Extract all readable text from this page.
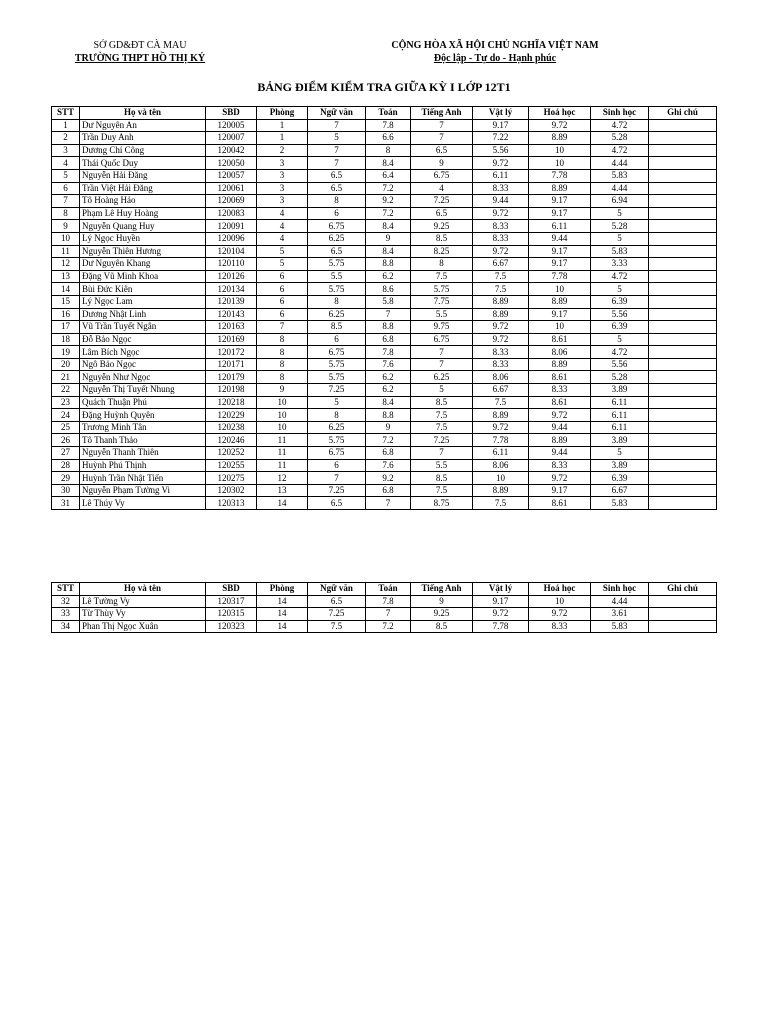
SỞ GD&ĐT CÀ MAU
TRƯỜNG THPT HỒ THỊ KỶ
CỘNG HÒA XÃ HỘI CHỦ NGHĨA VIỆT NAM
Độc lập - Tự do - Hạnh phúc
BẢNG ĐIỂM KIỂM TRA GIỮA KỲ I LỚP 12T1
STT	Họ và tên	SBD	Phòng	Ngữ văn	Toán	Tiếng Anh	Vật lý	Hoá học	Sinh học	Ghi chú
1	Dư Nguyên An	120005	1	7	7.8	7	9.17	9.72	4.72	
2	Trần Duy Anh	120007	1	5	6.6	7	7.22	8.89	5.28	
3	Dương Chí Công	120042	2	7	8	6.5	5.56	10	4.72	
4	Thái Quốc Duy	120050	3	7	8.4	9	9.72	10	4.44	
5	Nguyễn Hải Đăng	120057	3	6.5	6.4	6.75	6.11	7.78	5.83	
6	Trần Việt Hải Đăng	120061	3	6.5	7.2	4	8.33	8.89	4.44	
7	Tô Hoàng Hảo	120069	3	8	9.2	7.25	9.44	9.17	6.94	
8	Phạm Lê Huy Hoàng	120083	4	6	7.2	6.5	9.72	9.17	5	
9	Nguyễn Quang Huy	120091	4	6.75	8.4	9.25	8.33	6.11	5.28	
10	Lý Ngọc Huyền	120096	4	6.25	9	8.5	8.33	9.44	5	
11	Nguyễn Thiên Hương	120104	5	6.5	8.4	8.25	9.72	9.17	5.83	
12	Dư Nguyên Khang	120110	5	5.75	8.8	8	6.67	9.17	3.33	
13	Đặng Vũ Minh Khoa	120126	6	5.5	6.2	7.5	7.5	7.78	4.72	
14	Bùi Đức Kiên	120134	6	5.75	8.6	5.75	7.5	10	5	
15	Lý Ngọc Lam	120139	6	8	5.8	7.75	8.89	8.89	6.39	
16	Dương Nhật Linh	120143	6	6.25	7	5.5	8.89	9.17	5.56	
17	Vũ Trần Tuyết Ngân	120163	7	8.5	8.8	9.75	9.72	10	6.39	
18	Đỗ Bảo Ngọc	120169	8	6	6.8	6.75	9.72	8.61	5	
19	Lâm Bích Ngọc	120172	8	6.75	7.8	7	8.33	8.06	4.72	
20	Ngô Bảo Ngọc	120171	8	5.75	7.6	7	8.33	8.89	5.56	
21	Nguyễn Như Ngọc	120179	8	5.75	6.2	6.25	8.06	8.61	5.28	
22	Nguyễn Thị Tuyết Nhung	120198	9	7.25	6.2	5	6.67	8.33	3.89	
23	Quách Thuận Phú	120218	10	5	8.4	8.5	7.5	8.61	6.11	
24	Đặng Huỳnh Quyên	120229	10	8	8.8	7.5	8.89	9.72	6.11	
25	Trương Minh Tân	120238	10	6.25	9	7.5	9.72	9.44	6.11	
26	Tô Thanh Thảo	120246	11	5.75	7.2	7.25	7.78	8.89	3.89	
27	Nguyễn Thanh Thiên	120252	11	6.75	6.8	7	6.11	9.44	5	
28	Huỳnh Phú Thịnh	120255	11	6	7.6	5.5	8.06	8.33	3.89	
29	Huỳnh Trần Nhật Tiến	120275	12	7	9.2	8.5	10	9.72	6.39	
30	Nguyễn Phạm Tường Vi	120302	13	7.25	6.8	7.5	8.89	9.17	6.67	
31	Lê Thúy Vy	120313	14	6.5	7	8.75	7.5	8.61	5.83	
STT	Họ và tên	SBD	Phòng	Ngữ văn	Toán	Tiếng Anh	Vật lý	Hoá học	Sinh học	Ghi chú
32	Lê Tường Vy	120317	14	6.5	7.8	9	9.17	10	4.44	
33	Từ Thùy Vy	120315	14	7.25	7	9.25	9.72	9.72	3.61	
34	Phan Thị Ngọc Xuân	120323	14	7.5	7.2	8.5	7.78	8.33	5.83	
